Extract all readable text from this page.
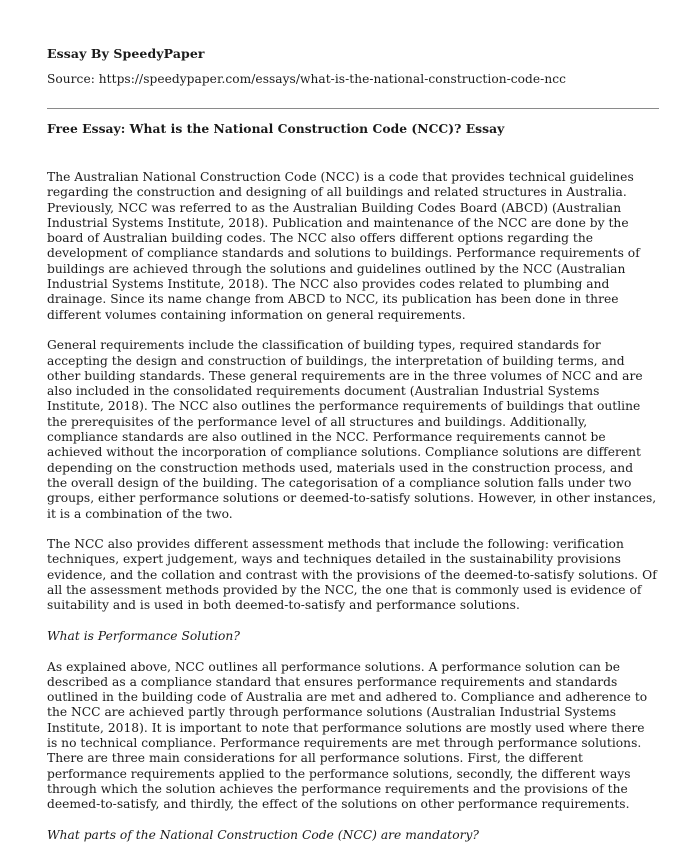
Essay By SpeedyPaper
Source: https://speedypaper.com/essays/what-is-the-national-construction-code-ncc
Free Essay: What is the National Construction Code (NCC)? Essay

The Australian National Construction Code (NCC) is a code that provides technical guidelines regarding the construction and designing of all buildings and related structures in Australia. Previously, NCC was referred to as the Australian Building Codes Board (ABCD) (Australian Industrial Systems Institute, 2018). Publication and maintenance of the NCC are done by the board of Australian building codes. The NCC also offers different options regarding the development of compliance standards and solutions to buildings. Performance requirements of buildings are achieved through the solutions and guidelines outlined by the NCC (Australian Industrial Systems Institute, 2018). The NCC also provides codes related to plumbing and drainage. Since its name change from ABCD to NCC, its publication has been done in three different volumes containing information on general requirements.

General requirements include the classification of building types, required standards for accepting the design and construction of buildings, the interpretation of building terms, and other building standards. These general requirements are in the three volumes of NCC and are also included in the consolidated requirements document (Australian Industrial Systems Institute, 2018). The NCC also outlines the performance requirements of buildings that outline the prerequisites of the performance level of all structures and buildings. Additionally, compliance standards are also outlined in the NCC. Performance requirements cannot be achieved without the incorporation of compliance solutions. Compliance solutions are different depending on the construction methods used, materials used in the construction process, and the overall design of the building. The categorisation of a compliance solution falls under two groups, either performance solutions or deemed-to-satisfy solutions. However, in other instances, it is a combination of the two.

The NCC also provides different assessment methods that include the following: verification techniques, expert judgement, ways and techniques detailed in the sustainability provisions evidence, and the collation and contrast with the provisions of the deemed-to-satisfy solutions. Of all the assessment methods provided by the NCC, the one that is commonly used is evidence of suitability and is used in both deemed-to-satisfy and performance solutions.

What is Performance Solution?

As explained above, NCC outlines all performance solutions. A performance solution can be described as a compliance standard that ensures performance requirements and standards outlined in the building code of Australia are met and adhered to. Compliance and adherence to the NCC are achieved partly through performance solutions (Australian Industrial Systems Institute, 2018). It is important to note that performance solutions are mostly used where there is no technical compliance. Performance requirements are met through performance solutions. There are three main considerations for all performance solutions. First, the different performance requirements applied to the performance solutions, secondly, the different ways through which the solution achieves the performance requirements and the provisions of the deemed-to-satisfy, and thirdly, the effect of the solutions on other performance requirements.

What parts of the National Construction Code (NCC) are mandatory?
